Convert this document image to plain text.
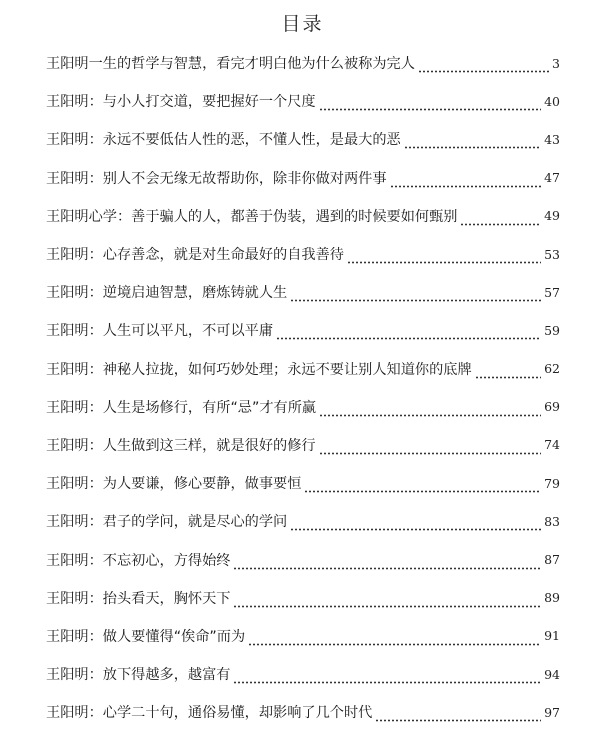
目录
王阳明一生的哲学与智慧，看完才明白他为什么被称为完人	3
王阳明：与小人打交道，要把握好一个尺度	40
王阳明：永远不要低估人性的恶，不懂人性，是最大的恶	43
王阳明：别人不会无缘无故帮助你，除非你做对两件事	47
王阳明心学：善于骗人的人，都善于伪装，遇到的时候要如何甄别	49
王阳明：心存善念，就是对生命最好的自我善待	53
王阳明：逆境启迪智慧，磨炼铸就人生	57
王阳明：人生可以平凡，不可以平庸	59
王阳明：神秘人拉拢，如何巧妙处理；永远不要让别人知道你的底牌	62
王阳明：人生是场修行，有所“忌”才有所赢	69
王阳明：人生做到这三样，就是很好的修行	74
王阳明：为人要谦，修心要静，做事要恒	79
王阳明：君子的学问，就是尽心的学问	83
王阳明：不忘初心，方得始终	87
王阳明：抬头看天，胸怀天下	89
王阳明：做人要懂得“俟命”而为	91
王阳明：放下得越多，越富有	94
王阳明：心学二十句，通俗易懂，却影响了几个时代	97
